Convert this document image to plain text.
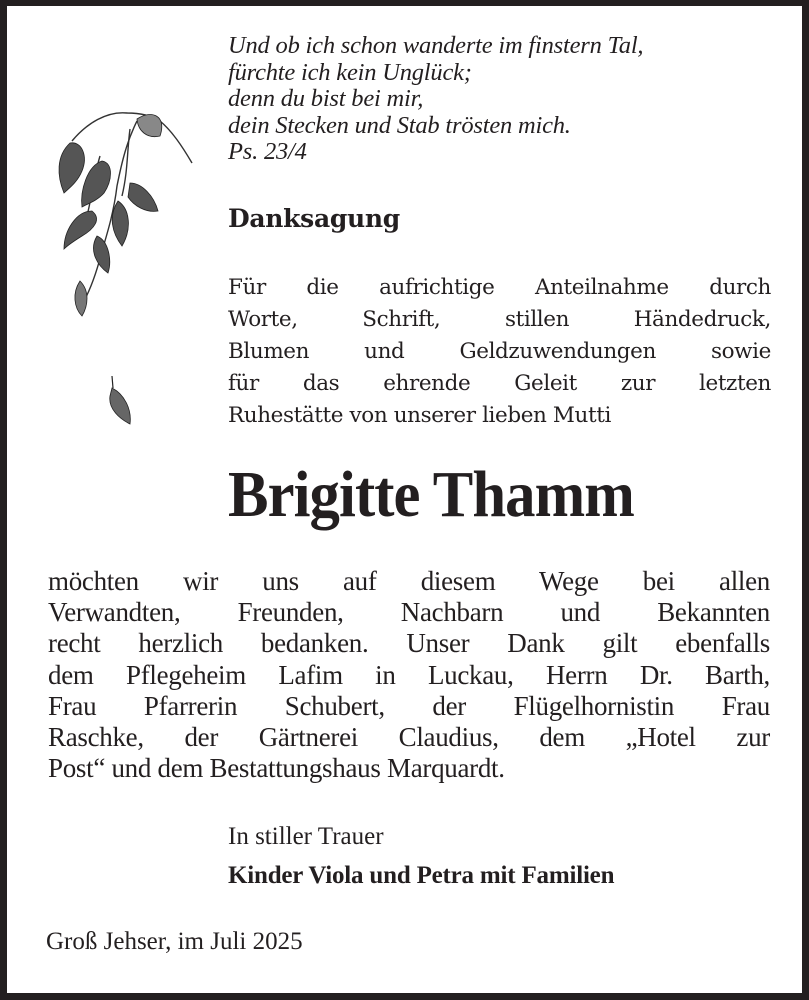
Und ob ich schon wanderte im finstern Tal,
fürchte ich kein Unglück;
denn du bist bei mir,
dein Stecken und Stab trösten mich.
Ps. 23/4
Danksagung
Für die aufrichtige Anteilnahme durch
Worte, Schrift, stillen Händedruck,
Blumen und Geldzuwendungen sowie
für das ehrende Geleit zur letzten
Ruhestätte von unserer lieben Mutti
Brigitte Thamm
möchten wir uns auf diesem Wege bei allen
Verwandten, Freunden, Nachbarn und Bekannten
recht herzlich bedanken. Unser Dank gilt ebenfalls
dem Pflegeheim Lafim in Luckau, Herrn Dr. Barth,
Frau Pfarrerin Schubert, der Flügelhornistin Frau
Raschke, der Gärtnerei Claudius, dem „Hotel zur
Post“ und dem Bestattungshaus Marquardt.
In stiller Trauer
Kinder Viola und Petra mit Familien
Groß Jehser, im Juli 2025
